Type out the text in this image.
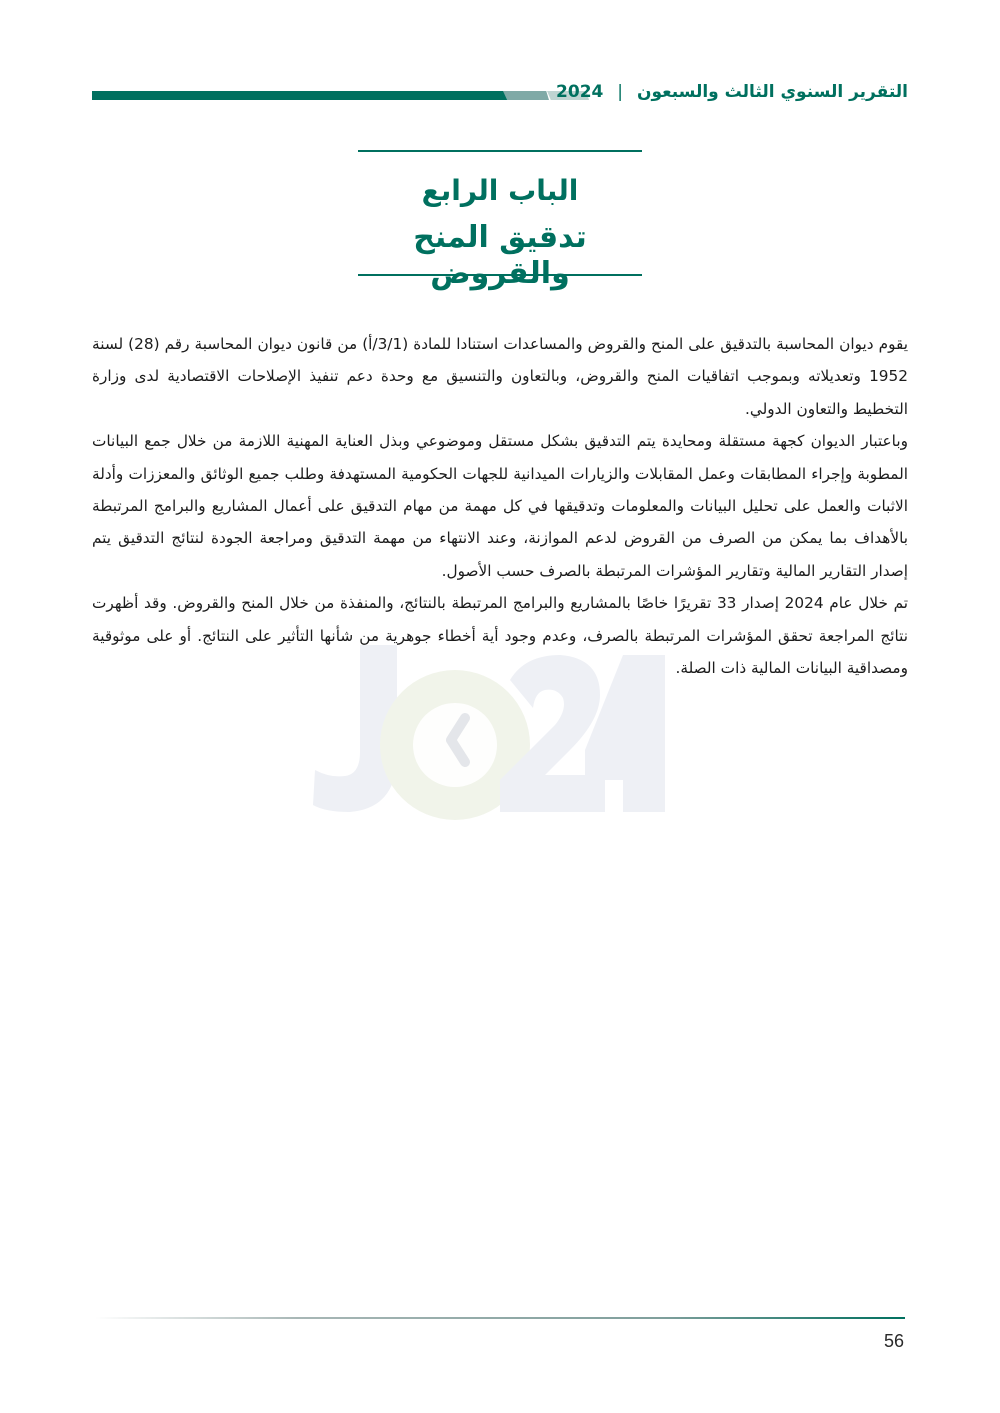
التقرير السنوي الثالث والسبعون | 2024
الباب الرابع
تدقيق المنح والقروض

يقوم ديوان المحاسبة بالتدقيق على المنح والقروض والمساعدات استنادا للمادة (3/1/أ) من قانون ديوان المحاسبة رقم (28) لسنة 1952 وتعديلاته وبموجب اتفاقيات المنح والقروض، وبالتعاون والتنسيق مع وحدة دعم تنفيذ الإصلاحات الاقتصادية لدى وزارة التخطيط والتعاون الدولي.

وباعتبار الديوان كجهة مستقلة ومحايدة يتم التدقيق بشكل مستقل وموضوعي وبذل العناية المهنية اللازمة من خلال جمع البيانات المطوبة وإجراء المطابقات وعمل المقابلات والزيارات الميدانية للجهات الحكومية المستهدفة وطلب جميع الوثائق والمعززات وأدلة الاثبات والعمل على تحليل البيانات والمعلومات وتدقيقها في كل مهمة من مهام التدقيق على أعمال المشاريع والبرامج المرتبطة بالأهداف بما يمكن من الصرف من القروض لدعم الموازنة، وعند الانتهاء من مهمة التدقيق ومراجعة الجودة لنتائج التدقيق يتم إصدار التقارير المالية وتقارير المؤشرات المرتبطة بالصرف حسب الأصول.

تم خلال عام 2024 إصدار 33 تقريرًا خاصًا بالمشاريع والبرامج المرتبطة بالنتائج، والمنفذة من خلال المنح والقروض. وقد أظهرت نتائج المراجعة تحقق المؤشرات المرتبطة بالصرف، وعدم وجود أية أخطاء جوهرية من شأنها التأثير على النتائج. أو على موثوقية ومصداقية البيانات المالية ذات الصلة.

56
